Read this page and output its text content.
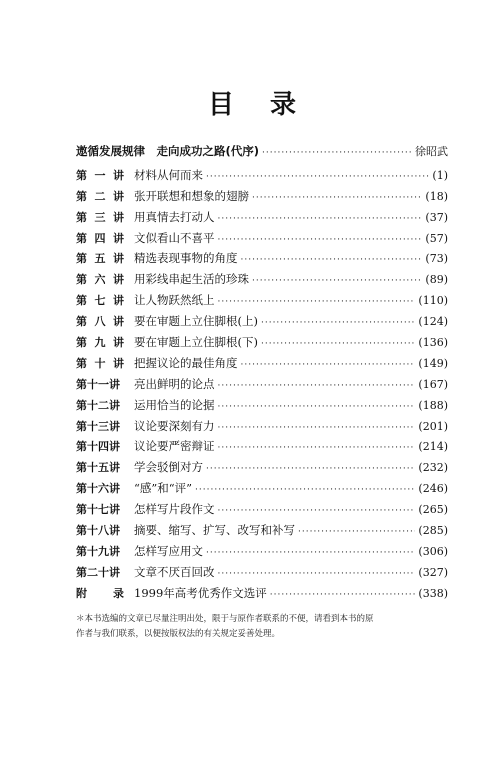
目录
遨循发展规律　走向成功之路(代序) ·····	徐昭武
第一讲 材料从何而来 ·····	(1)
第二讲 张开联想和想象的翅膀 ·····	(18)
第三讲 用真情去打动人 ·····	(37)
第四讲 文似看山不喜平 ·····	(57)
第五讲 精选表现事物的角度 ·····	(73)
第六讲 用彩线串起生活的珍珠 ·····	(89)
第七讲 让人物跃然纸上 ·····	(110)
第八讲 要在审题上立住脚根(上) ·····	(124)
第九讲 要在审题上立住脚根(下) ·····	(136)
第十讲 把握议论的最佳角度 ·····	(149)
第十一讲	亮出鲜明的论点 ·····	(167)
第十二讲	运用恰当的论据 ·····	(188)
第十三讲	议论要深刻有力 ·····	(201)
第十四讲	议论要严密辩证 ·····	(214)
第十五讲	学会驳倒对方 ·····	(232)
第十六讲	“感”和“评” ·····	(246)
第十七讲	怎样写片段作文 ·····	(265)
第十八讲	摘要、缩写、扩写、改写和补写 ·····	(285)
第十九讲	怎样写应用文 ·····	(306)
第二十讲	文章不厌百回改 ·····	(327)
附录 1999年高考优秀作文选评 ·····	(338)

＊本书选编的文章已尽量注明出处，限于与原作者联系的不便，请看到本书的原

作者与我们联系，以便按版权法的有关规定妥善处理。
